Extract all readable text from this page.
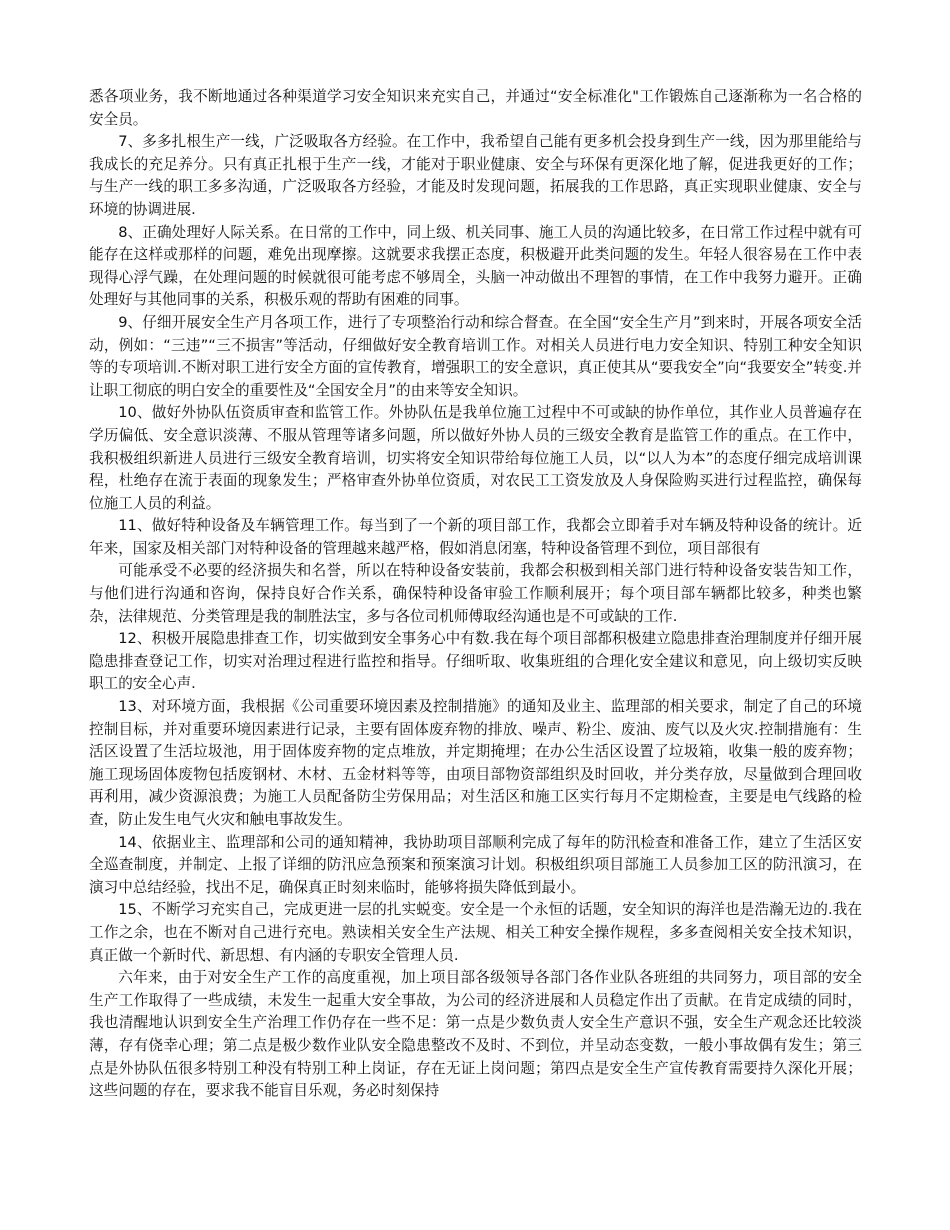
悉各项业务，我不断地通过各种渠道学习安全知识来充实自己，并通过“安全标准化"工作锻炼自己逐渐称为一名合格的安全员。

7、多多扎根生产一线，广泛吸取各方经验。在工作中，我希望自己能有更多机会投身到生产一线，因为那里能给与我成长的充足养分。只有真正扎根于生产一线，才能对于职业健康、安全与环保有更深化地了解，促进我更好的工作；与生产一线的职工多多沟通，广泛吸取各方经验，才能及时发现问题，拓展我的工作思路，真正实现职业健康、安全与环境的协调进展.

8、正确处理好人际关系。在日常的工作中，同上级、机关同事、施工人员的沟通比较多，在日常工作过程中就有可能存在这样或那样的问题，难免出现摩擦。这就要求我摆正态度，积极避开此类问题的发生。年轻人很容易在工作中表现得心浮气躁，在处理问题的时候就很可能考虑不够周全，头脑一冲动做出不理智的事情，在工作中我努力避开。正确处理好与其他同事的关系，积极乐观的帮助有困难的同事。

9、仔细开展安全生产月各项工作，进行了专项整治行动和综合督查。在全国“安全生产月”到来时，开展各项安全活动，例如：“三违”“三不损害”等活动，仔细做好安全教育培训工作。对相关人员进行电力安全知识、特别工种安全知识等的专项培训.不断对职工进行安全方面的宣传教育，增强职工的安全意识，真正使其从“要我安全”向“我要安全”转变.并让职工彻底的明白安全的重要性及“全国安全月”的由来等安全知识。

10、做好外协队伍资质审查和监管工作。外协队伍是我单位施工过程中不可或缺的协作单位，其作业人员普遍存在学历偏低、安全意识淡薄、不服从管理等诸多问题，所以做好外协人员的三级安全教育是监管工作的重点。在工作中，我积极组织新进人员进行三级安全教育培训，切实将安全知识带给每位施工人员，以“以人为本”的态度仔细完成培训课程，杜绝存在流于表面的现象发生；严格审查外协单位资质，对农民工工资发放及人身保险购买进行过程监控，确保每位施工人员的利益。

11、做好特种设备及车辆管理工作。每当到了一个新的项目部工作，我都会立即着手对车辆及特种设备的统计。近年来，国家及相关部门对特种设备的管理越来越严格，假如消息闭塞，特种设备管理不到位，项目部很有

可能承受不必要的经济损失和名誉，所以在特种设备安装前，我都会积极到相关部门进行特种设备安装告知工作，与他们进行沟通和咨询，保持良好合作关系，确保特种设备审验工作顺利展开；每个项目部车辆都比较多，种类也繁杂，法律规范、分类管理是我的制胜法宝，多与各位司机师傅取经沟通也是不可或缺的工作.

12、积极开展隐患排查工作，切实做到安全事务心中有数.我在每个项目部都积极建立隐患排查治理制度并仔细开展隐患排查登记工作，切实对治理过程进行监控和指导。仔细听取、收集班组的合理化安全建议和意见，向上级切实反映职工的安全心声.

13、对环境方面，我根据《公司重要环境因素及控制措施》的通知及业主、监理部的相关要求，制定了自己的环境控制目标，并对重要环境因素进行记录，主要有固体废弃物的排放、噪声、粉尘、废油、废气以及火灾.控制措施有：生活区设置了生活垃圾池，用于固体废弃物的定点堆放，并定期掩埋；在办公生活区设置了垃圾箱，收集一般的废弃物；施工现场固体废物包括废钢材、木材、五金材料等等，由项目部物资部组织及时回收，并分类存放，尽量做到合理回收再利用，减少资源浪费；为施工人员配备防尘劳保用品；对生活区和施工区实行每月不定期检查，主要是电气线路的检查，防止发生电气火灾和触电事故发生。

14、依据业主、监理部和公司的通知精神，我协助项目部顺利完成了每年的防汛检查和准备工作，建立了生活区安全巡查制度，并制定、上报了详细的防汛应急预案和预案演习计划。积极组织项目部施工人员参加工区的防汛演习，在演习中总结经验，找出不足，确保真正时刻来临时，能够将损失降低到最小。

15、不断学习充实自己，完成更进一层的扎实蜕变。安全是一个永恒的话题，安全知识的海洋也是浩瀚无边的.我在工作之余，也在不断对自己进行充电。熟读相关安全生产法规、相关工种安全操作规程，多多查阅相关安全技术知识，真正做一个新时代、新思想、有内涵的专职安全管理人员.

六年来，由于对安全生产工作的高度重视，加上项目部各级领导各部门各作业队各班组的共同努力，项目部的安全生产工作取得了一些成绩，未发生一起重大安全事故，为公司的经济进展和人员稳定作出了贡献。在肯定成绩的同时，我也清醒地认识到安全生产治理工作仍存在一些不足：第一点是少数负责人安全生产意识不强，安全生产观念还比较淡薄，存有侥幸心理；第二点是极少数作业队安全隐患整改不及时、不到位，并呈动态变数，一般小事故偶有发生；第三点是外协队伍很多特别工种没有特别工种上岗证，存在无证上岗问题；第四点是安全生产宣传教育需要持久深化开展；这些问题的存在，要求我不能盲目乐观，务必时刻保持
